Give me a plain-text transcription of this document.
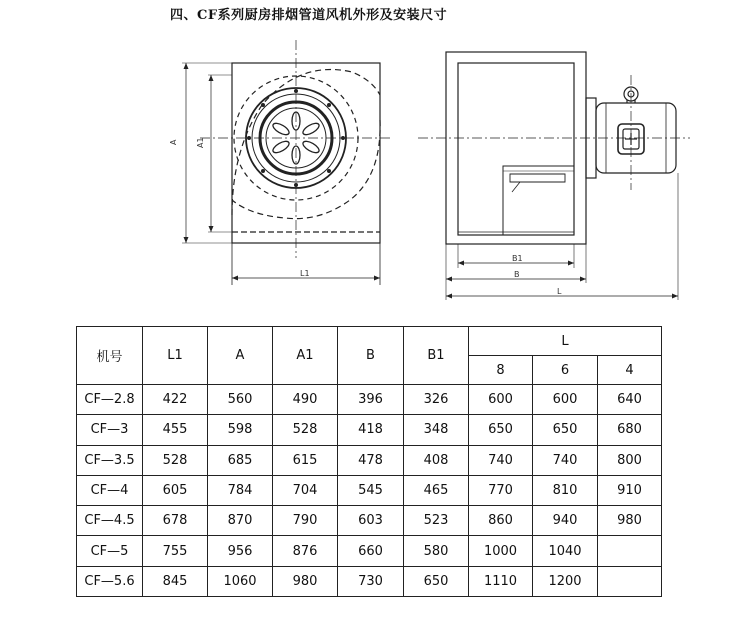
四、CF系列厨房排烟管道风机外形及安装尺寸
A A1
L1
B1
B
L
机号	L1	A	A1	B	B1	L		
						8	6	4
CF—2.8	422	560	490	396	326	600	600	640
CF—3	455	598	528	418	348	650	650	680
CF—3.5	528	685	615	478	408	740	740	800
CF—4	605	784	704	545	465	770	810	910
CF—4.5	678	870	790	603	523	860	940	980
CF—5	755	956	876	660	580	1000	1040	
CF—5.6	845	1060	980	730	650	1110	1200	
